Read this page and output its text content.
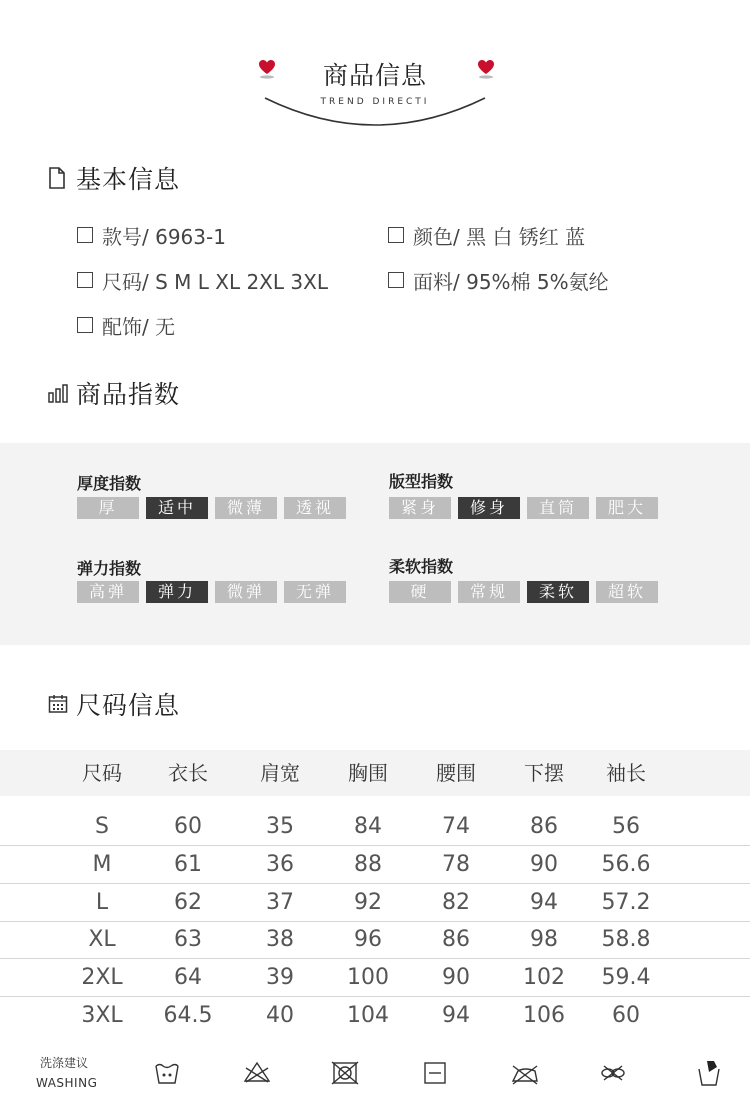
商品信息
TREND DIRECTI
基本信息
款号/ 6963-1	颜色/ 黑 白 锈红 蓝
尺码/ S M L XL 2XL 3XL	面料/ 95%棉 5%氨纶
配饰/ 无
商品指数
厚度指数
厚	适中	微薄	透视
版型指数
紧身	修身	直筒	肥大
弹力指数
高弹	弹力	微弹	无弹
柔软指数
硬	常规	柔软	超软
尺码信息
尺码	衣长	肩宽	胸围	腰围	下摆	袖长
S	60	35	84	74	86	56
M	61	36	88	78	90	56.6
L	62	37	92	82	94	57.2
XL	63	38	96	86	98	58.8
2XL	64	39	100	90	102	59.4
3XL	64.5	40	104	94	106	60
洗涤建议
WASHING
